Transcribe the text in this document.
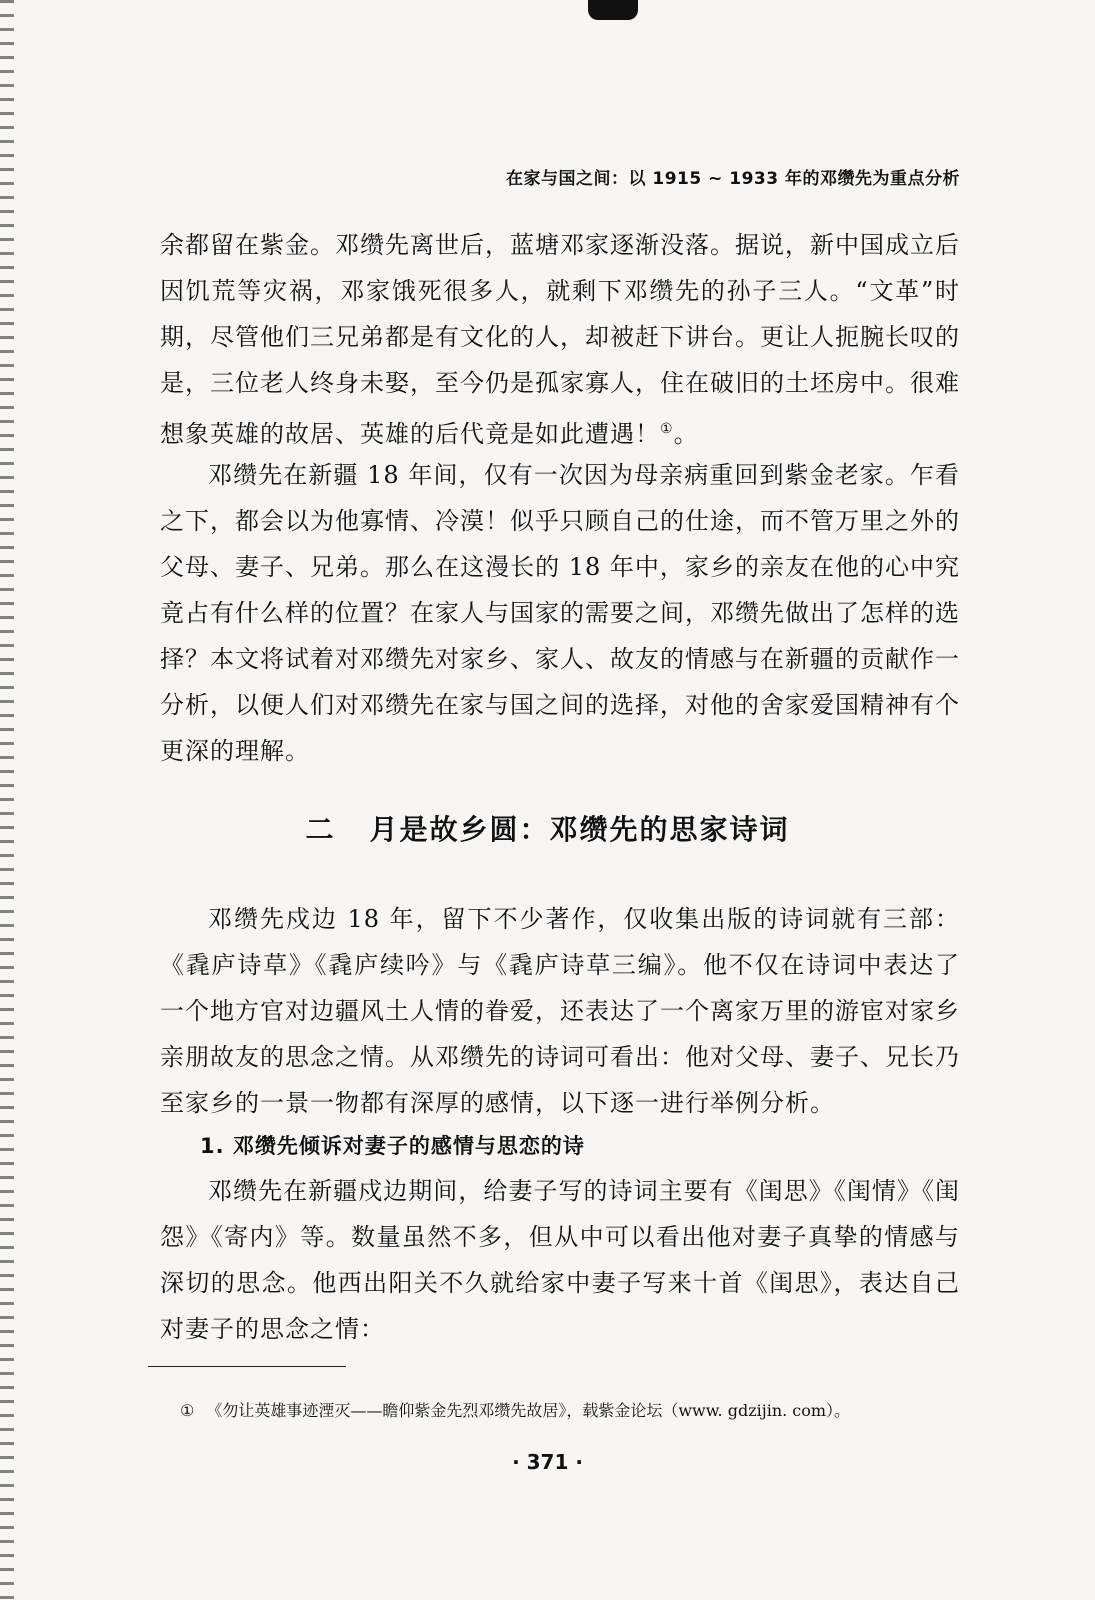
在家与国之间：以 1915 ~ 1933 年的邓缵先为重点分析
余都留在紫金。邓缵先离世后，蓝塘邓家逐渐没落。据说，新中国成立后因饥荒等灾祸，邓家饿死很多人，就剩下邓缵先的孙子三人。“文革”时期，尽管他们三兄弟都是有文化的人，却被赶下讲台。更让人扼腕长叹的是，三位老人终身未娶，至今仍是孤家寡人，住在破旧的土坯房中。很难想象英雄的故居、英雄的后代竟是如此遭遇！①。
邓缵先在新疆 18 年间，仅有一次因为母亲病重回到紫金老家。乍看之下，都会以为他寡情、冷漠！似乎只顾自己的仕途，而不管万里之外的父母、妻子、兄弟。那么在这漫长的 18 年中，家乡的亲友在他的心中究竟占有什么样的位置？在家人与国家的需要之间，邓缵先做出了怎样的选择？本文将试着对邓缵先对家乡、家人、故友的情感与在新疆的贡献作一分析，以便人们对邓缵先在家与国之间的选择，对他的舍家爱国精神有个更深的理解。
二 月是故乡圆：邓缵先的思家诗词
邓缵先戍边 18 年，留下不少著作，仅收集出版的诗词就有三部：《毳庐诗草》《毳庐续吟》与《毳庐诗草三编》。他不仅在诗词中表达了一个地方官对边疆风土人情的眷爱，还表达了一个离家万里的游宦对家乡亲朋故友的思念之情。从邓缵先的诗词可看出：他对父母、妻子、兄长乃至家乡的一景一物都有深厚的感情，以下逐一进行举例分析。
1. 邓缵先倾诉对妻子的感情与思恋的诗
邓缵先在新疆戍边期间，给妻子写的诗词主要有《闺思》《闺情》《闺怨》《寄内》等。数量虽然不多，但从中可以看出他对妻子真挚的情感与深切的思念。他西出阳关不久就给家中妻子写来十首《闺思》，表达自己对妻子的思念之情：
① 《勿让英雄事迹湮灭——瞻仰紫金先烈邓缵先故居》，载紫金论坛（www. gdzijin. com）。
· 371 ·
